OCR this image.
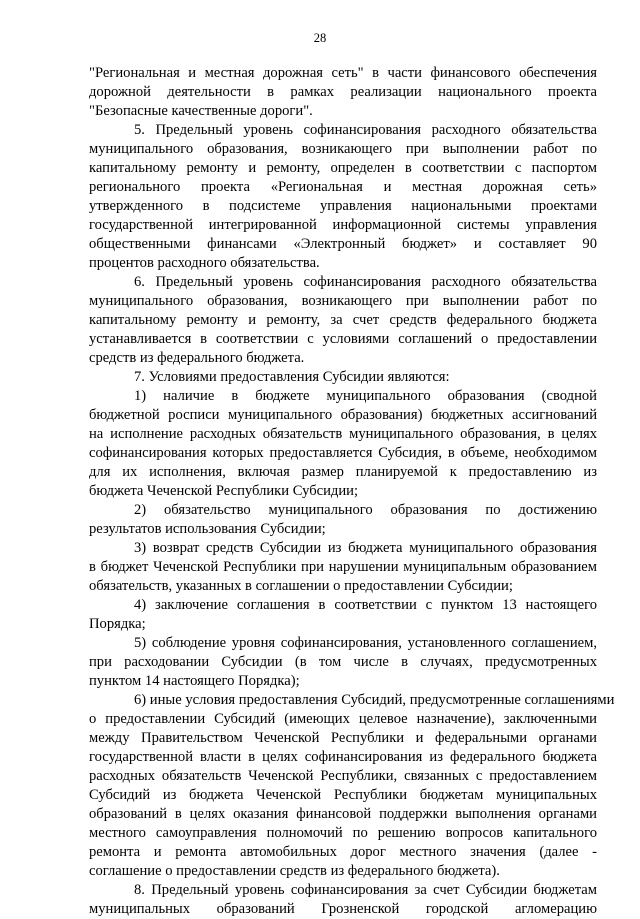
28
"Региональная и местная дорожная сеть" в части финансового обеспечения
дорожной деятельности в рамках реализации национального проекта
"Безопасные качественные дороги".
5. Предельный уровень софинансирования расходного обязательства
муниципального образования, возникающего при выполнении работ по
капитальному ремонту и ремонту, определен в соответствии с паспортом
регионального проекта «Региональная и местная дорожная сеть»
утвержденного в подсистеме управления национальными проектами
государственной интегрированной информационной системы управления
общественными финансами «Электронный бюджет» и составляет 90
процентов расходного обязательства.
6. Предельный уровень софинансирования расходного обязательства
муниципального образования, возникающего при выполнении работ по
капитальному ремонту и ремонту, за счет средств федерального бюджета
устанавливается в соответствии с условиями соглашений о предоставлении
средств из федерального бюджета.
7. Условиями предоставления Субсидии являются:
1) наличие в бюджете муниципального образования (сводной
бюджетной росписи муниципального образования) бюджетных ассигнований
на исполнение расходных обязательств муниципального образования, в целях
софинансирования которых предоставляется Субсидия, в объеме, необходимом
для их исполнения, включая размер планируемой к предоставлению из
бюджета Чеченской Республики Субсидии;
2) обязательство муниципального образования по достижению
результатов использования Субсидии;
3) возврат средств Субсидии из бюджета муниципального образования
в бюджет Чеченской Республики при нарушении муниципальным образованием
обязательств, указанных в соглашении о предоставлении Субсидии;
4) заключение соглашения в соответствии с пунктом 13 настоящего
Порядка;
5) соблюдение уровня софинансирования, установленного соглашением,
при расходовании Субсидии (в том числе в случаях, предусмотренных
пунктом 14 настоящего Порядка);
6) иные условия предоставления Субсидий, предусмотренные соглашениями
о предоставлении Субсидий (имеющих целевое назначение), заключенными
между Правительством Чеченской Республики и федеральными органами
государственной власти в целях софинансирования из федерального бюджета
расходных обязательств Чеченской Республики, связанных с предоставлением
Субсидий из бюджета Чеченской Республики бюджетам муниципальных
образований в целях оказания финансовой поддержки выполнения органами
местного самоуправления полномочий по решению вопросов капитального
ремонта и ремонта автомобильных дорог местного значения (далее -
соглашение о предоставлении средств из федерального бюджета).
8. Предельный уровень софинансирования за счет Субсидии бюджетам
муниципальных образований Грозненской городской агломерацию
